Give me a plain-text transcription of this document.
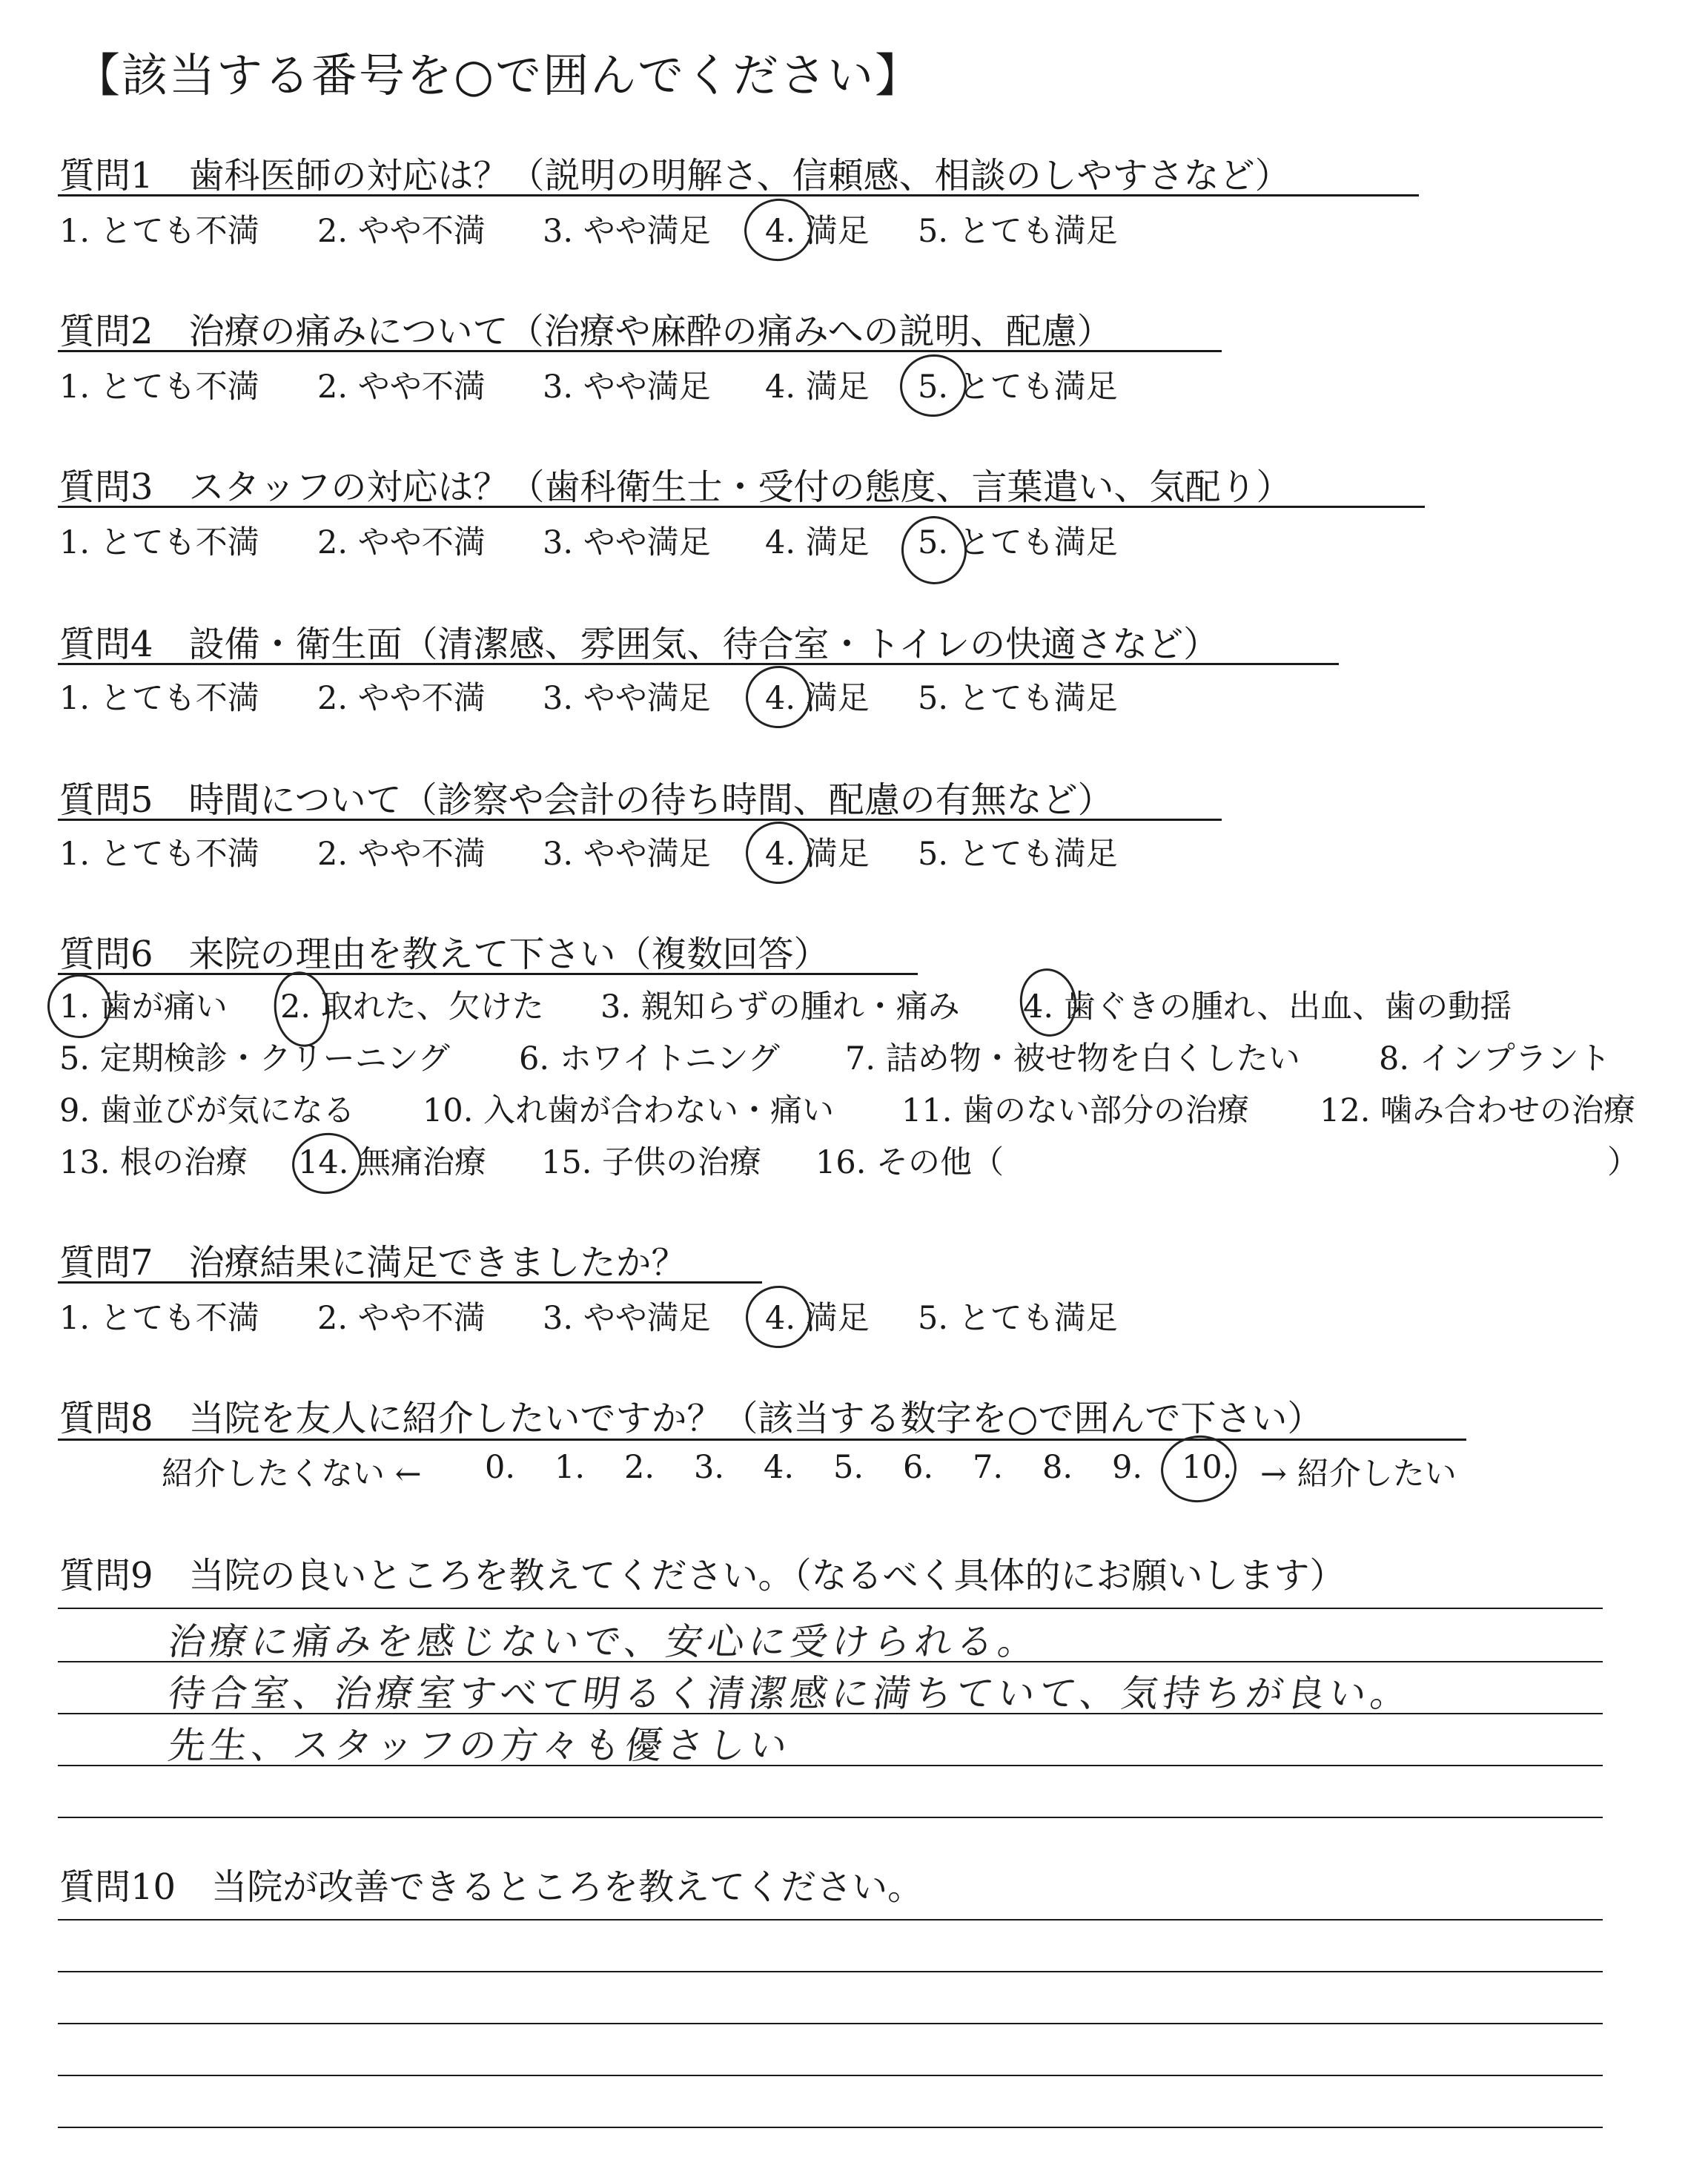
【該当する番号を○で囲んでください】
質問1　歯科医師の対応は？（説明の明解さ、信頼感、相談のしやすさなど）
1. とても不満 2. やや不満 3. やや満足 4. 満足 5. とても満足
質問2　治療の痛みについて（治療や麻酔の痛みへの説明、配慮）
1. とても不満 2. やや不満 3. やや満足 4. 満足 5. とても満足
質問3　スタッフの対応は？（歯科衛生士・受付の態度、言葉遣い、気配り）
1. とても不満 2. やや不満 3. やや満足 4. 満足 5. とても満足
質問4　設備・衛生面（清潔感、雰囲気、待合室・トイレの快適さなど）
1. とても不満 2. やや不満 3. やや満足 4. 満足 5. とても満足
質問5　時間について（診察や会計の待ち時間、配慮の有無など）
1. とても不満 2. やや不満 3. やや満足 4. 満足 5. とても満足
質問6　来院の理由を教えて下さい（複数回答）
1. 歯が痛い 2. 取れた、欠けた 3. 親知らずの腫れ・痛み 4. 歯ぐきの腫れ、出血、歯の動揺
5. 定期検診・クリーニング 6. ホワイトニング 7. 詰め物・被せ物を白くしたい 8. インプラント
9. 歯並びが気になる 10. 入れ歯が合わない・痛い 11. 歯のない部分の治療 12. 噛み合わせの治療
13. 根の治療 14. 無痛治療 15. 子供の治療 16. その他（	）
質問7　治療結果に満足できましたか？
1. とても不満 2. やや不満 3. やや満足 4. 満足 5. とても満足
質問8　当院を友人に紹介したいですか？（該当する数字を○で囲んで下さい）
紹介したくない ← 0. 1. 2. 3. 4. 5. 6. 7. 8. 9. 10. → 紹介したい
質問9　当院の良いところを教えてください。（なるべく具体的にお願いします）
治療に痛みを感じないで、安心に受けられる。
待合室、治療室すべて明るく清潔感に満ちていて、気持ちが良い。
先生、スタッフの方々も優さしい
質問10　当院が改善できるところを教えてください。
